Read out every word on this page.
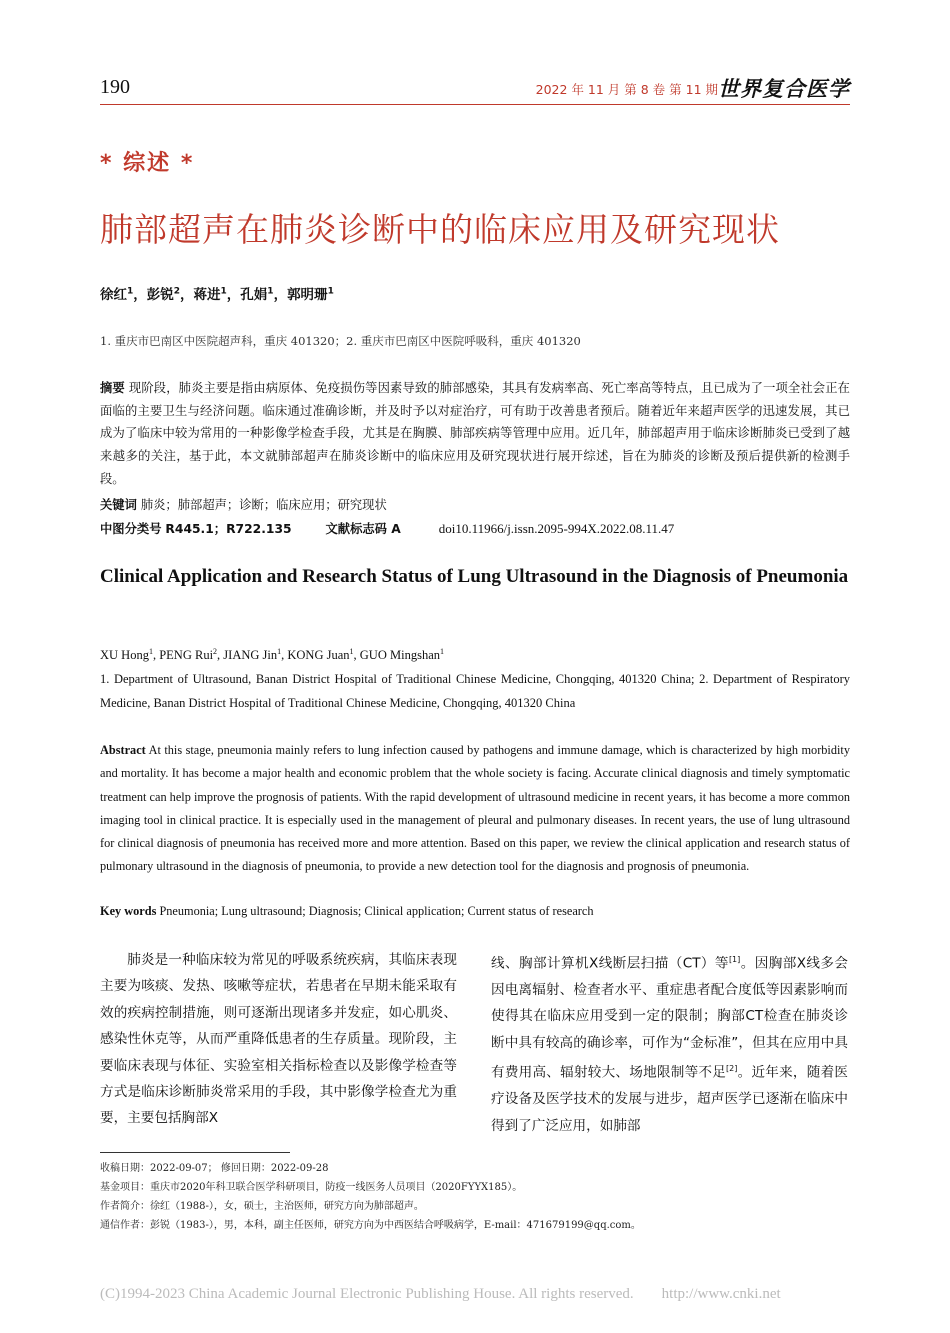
190	2022 年 11 月 第 8 卷 第 11 期 世界复合医学
* 综述 *
肺部超声在肺炎诊断中的临床应用及研究现状
徐红$^1$，彭锐$^2$，蒋进$^1$，孔娟$^1$，郭明珊$^1$
1. 重庆市巴南区中医院超声科，重庆 401320；2. 重庆市巴南区中医院呼吸科，重庆 401320
摘要 现阶段，肺炎主要是指由病原体、免疫损伤等因素导致的肺部感染，其具有发病率高、死亡率高等特点，且已成为了一项全社会正在面临的主要卫生与经济问题。临床通过准确诊断，并及时予以对症治疗，可有助于改善患者预后。随着近年来超声医学的迅速发展，其已成为了临床中较为常用的一种影像学检查手段，尤其是在胸膜、肺部疾病等管理中应用。近几年，肺部超声用于临床诊断肺炎已受到了越来越多的关注，基于此，本文就肺部超声在肺炎诊断中的临床应用及研究现状进行展开综述，旨在为肺炎的诊断及预后提供新的检测手段。
关键词 肺炎；肺部超声；诊断；临床应用；研究现状
中图分类号 R445.1；R722.135	文献标志码 A	doi10.11966/j.issn.2095-994X.2022.08.11.47
Clinical Application and Research Status of Lung Ultrasound in the Diagnosis of Pneumonia
XU Hong$^1$, PENG Rui$^2$, JIANG Jin$^1$, KONG Juan$^1$, GUO Mingshan$^1$
1. Department of Ultrasound, Banan District Hospital of Traditional Chinese Medicine, Chongqing, 401320 China; 2. Department of Respiratory Medicine, Banan District Hospital of Traditional Chinese Medicine, Chongqing, 401320 China
Abstract At this stage, pneumonia mainly refers to lung infection caused by pathogens and immune damage, which is characterized by high morbidity and mortality. It has become a major health and economic problem that the whole society is facing. Accurate clinical diagnosis and timely symptomatic treatment can help improve the prognosis of patients. With the rapid development of ultrasound medicine in recent years, it has become a more common imaging tool in clinical practice. It is especially used in the management of pleural and pulmonary diseases. In recent years, the use of lung ultrasound for clinical diagnosis of pneumonia has received more and more attention. Based on this paper, we review the clinical application and research status of pulmonary ultrasound in the diagnosis of pneumonia, to provide a new detection tool for the diagnosis and prognosis of pneumonia.
Key words Pneumonia; Lung ultrasound; Diagnosis; Clinical application; Current status of research
肺炎是一种临床较为常见的呼吸系统疾病，其临床表现主要为咳痰、发热、咳嗽等症状，若患者在早期未能采取有效的疾病控制措施，则可逐渐出现诸多并发症，如心肌炎、感染性休克等，从而严重降低患者的生存质量。现阶段，主要临床表现与体征、实验室相关指标检查以及影像学检查等方式是临床诊断肺炎常采用的手段，其中影像学检查尤为重要，主要包括胸部X
线、胸部计算机X线断层扫描（CT）等[1]。因胸部X线多会因电离辐射、检查者水平、重症患者配合度低等因素影响而使得其在临床应用受到一定的限制；胸部CT检查在肺炎诊断中具有较高的确诊率，可作为“金标准”，但其在应用中具有费用高、辐射较大、场地限制等不足[2]。近年来，随着医疗设备及医学技术的发展与进步，超声医学已逐渐在临床中得到了广泛应用，如肺部
收稿日期：2022-09-07； 修回日期：2022-09-28
基金项目：重庆市2020年科卫联合医学科研项目，防疫一线医务人员项目（2020FYYX185）。
作者简介：徐红（1988-），女，硕士，主治医师，研究方向为肺部超声。
通信作者：彭锐（1983-），男，本科，副主任医师，研究方向为中西医结合呼吸病学，E-mail：471679199@qq.com。
(C)1994-2023 China Academic Journal Electronic Publishing House. All rights reserved. http://www.cnki.net
